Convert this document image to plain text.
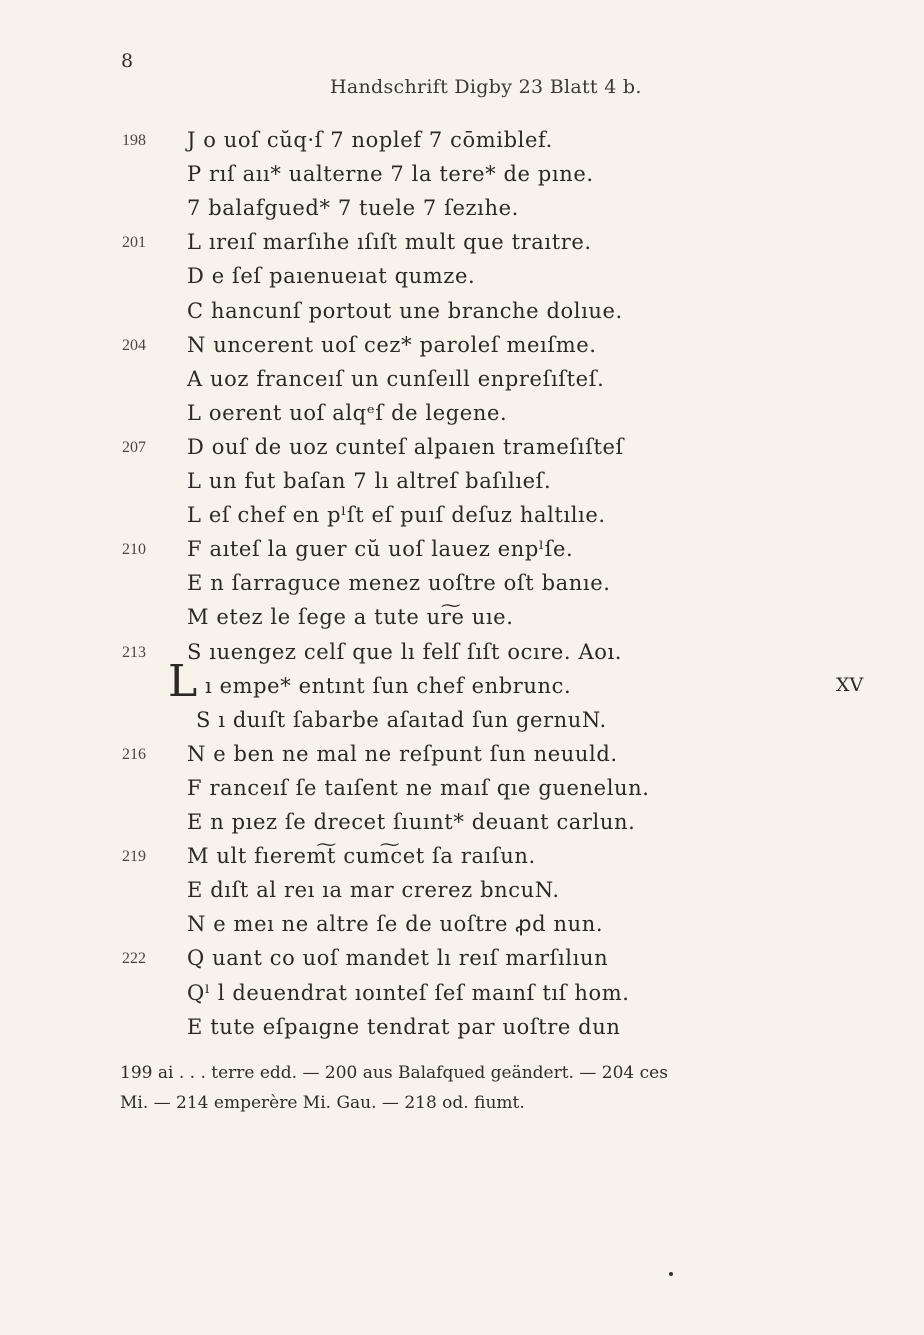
8
Handschrift Digby 23 Blatt 4 b.
198 J o uoſ cŭq·ſ 7 noplef 7 cōmiblef.
P rıſ aıı* ualterne 7 la tere* de pıne.
7 balafgued* 7 tuele 7 ſezıhe.
201 L ıreıſ marſıhe ıſıſt mult que traıtre.
D e ſeſ paıenueıat qumze.
C hancunſ portout une branche dolıue.
204 N uncerent uoſ cez* paroleſ meıſme.
A uoz franceıſ un cunſeıll enpreſıſteſ.
L oerent uoſ alqᵉſ de legene.
207 D ouſ de uoz cunteſ alpaıen trameſıſteſ
L un fut baſan 7 lı altreſ baſılıeſ.
L eſ chef en pˡſt eſ puıſ deſuz haltılıe.
210 F aıteſ la guer cŭ uoſ lauez enpˡſe.
E n ſarraguce menez uoſtre oſt banıe.
M etez le ſege a tute ur͠e uıe.
213 S ıuengez celſ que lı felſ ſıſt ocıre. Aoı.
ı empe* entınt ſun chef enbrunc.	XV
S ı duıſt ſabarbe aſaıtad ſun gernuN.
216 N e ben ne mal ne reſpunt ſun neuuld.
F ranceıſ ſe taıſent ne maıſ qıe guenelun.
E n pıez ſe drecet ſıuınt* deuant carlun.
219 M ult fıerem͠t cum͠cet ſa raıſun.
E dıſt al reı ıa mar crerez bncuN.
N e meı ne altre ſe de uoſtre ꝓd nun.
222 Q uant co uoſ mandet lı reıſ marſılıun
Qˡ l deuendrat ıoınteſ ſeſ maınſ tıſ hom.
E tute eſpaıgne tendrat par uoſtre dun
L
199 ai . . . terre edd. — 200 aus Balafqued geändert. — 204 ces
Mi. — 214 emperère Mi. Gau. — 218 od. fiumt.
